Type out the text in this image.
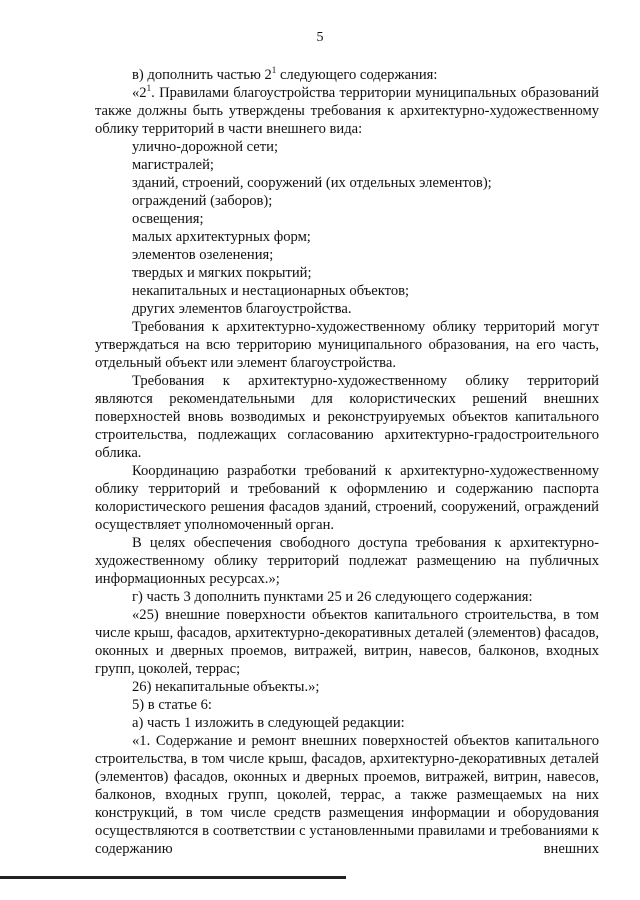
5

в) дополнить частью $2^1$ следующего содержания:

«$2^1$. Правилами благоустройства территории муниципальных образований также должны быть утверждены требования к архитектурно-художественному облику территорий в части внешнего вида:

улично-дорожной сети;

магистралей;

зданий, строений, сооружений (их отдельных элементов);

ограждений (заборов);

освещения;

малых архитектурных форм;

элементов озеленения;

твердых и мягких покрытий;

некапитальных и нестационарных объектов;

других элементов благоустройства.

Требования к архитектурно-художественному облику территорий могут утверждаться на всю территорию муниципального образования, на его часть, отдельный объект или элемент благоустройства.

Требования к архитектурно-художественному облику территорий являются рекомендательными для колористических решений внешних поверхностей вновь возводимых и реконструируемых объектов капитального строительства, подлежащих согласованию архитектурно-градостроительного облика.

Координацию разработки требований к архитектурно-художественному облику территорий и требований к оформлению и содержанию паспорта колористического решения фасадов зданий, строений, сооружений, ограждений осуществляет уполномоченный орган.

В целях обеспечения свободного доступа требования к архитектурно-художественному облику территорий подлежат размещению на публичных информационных ресурсах.»;

г) часть 3 дополнить пунктами 25 и 26 следующего содержания:

«25) внешние поверхности объектов капитального строительства, в том числе крыш, фасадов, архитектурно-декоративных деталей (элементов) фасадов, оконных и дверных проемов, витражей, витрин, навесов, балконов, входных групп, цоколей, террас;

26) некапитальные объекты.»;

5) в статье 6:

а) часть 1 изложить в следующей редакции:

«1. Содержание и ремонт внешних поверхностей объектов капитального строительства, в том числе крыш, фасадов, архитектурно-декоративных деталей (элементов) фасадов, оконных и дверных проемов, витражей, витрин, навесов, балконов, входных групп, цоколей, террас, а также размещаемых на них конструкций, в том числе средств размещения информации и оборудования осуществляются в соответствии с установленными правилами и требованиями к содержанию внешних
